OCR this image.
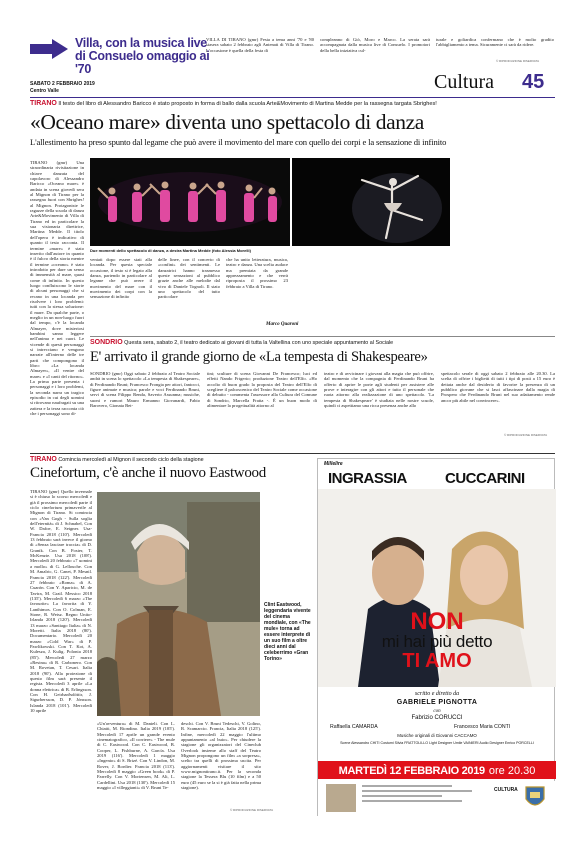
Villa, con la musica live
di Consuelo omaggio ai '70
VILLA DI TIRANO (gmr) Festa a tema anni '70 e '80 stasera sabato 2 febbraio agli Antenati di Villa di Tirano. L'occasione è quella della festa di
compleanno di Giò, Moro e Marco. La serata sarà accompagnata dalla musica live di Consuelo. I promotori della bella iniziativa cul-
turale e goliardica confermano che è molto gradito l'abbigliamento a tema. Sicuramente ci sarà da ridere.
© RIPRODUZIONE RISERVATA
SABATO 2 FEBBRAIO 2019
Centro Valle	Cultura 45
TIRANO Il testo del libro di Alessandro Baricco è stato proposto in forma di ballo dalla scuola Arte&Movimento di Martina Medde per la rassegna targata Sbrighes!
«Oceano mare» diventa uno spettacolo di danza
L'allestimento ha preso spunto dal legame che può avere il movimento del mare con quello dei corpi e la sensazione di infinito
TIRANO (gmr) Una straordinaria rivisitazione in chiave danzata del capolavoro di Alessandro Baricco «Oceano mare» è andata in scena giovedì sera al Mignon di Tirano per la rassegna fuori con Sbrighes! al Mignon. Protagoniste le ragazze della scuola di danza Arte&Movimento di Villa di Tirano ed in particolare la sua visionaria direttrice, Martina Medde. Il titolo dell'opera è indicativo di quanto il testo racconta. Il termine «mare» è stato inserito dall'autore in quanto è il fulcro della storia mentre il termine «oceano» è stato introdotto per dare un senso di immensità al mare, quasi come di infinito. In questo luogo confluiscono le storie di alcuni personaggi che si recano in una locanda per risolvere i loro problemi: tutti con la stessa soluzione: il mare. Da qualche parte, o meglio in un non-luogo fuori dal tempo, c'è la locanda Almayer, dove misteriosi bambini sanno leggere nell'anima e nei cuori. Le vicende di questi personaggi si intrecciano e vengono narrate all'interno delle tre parti che compongono il libro: «La locanda Almayer», «Il ventre del mare» e «I canti del ritorno». La prima parte presenta i personaggi e i loro problemi, la seconda narra un tragico episodio in cui degli uomini si ritrovano naufragati su una zattera e la terza racconta ciò che i personaggi sono di-
Due momenti dello spettacolo di danza, a destra Martina Medde (foto Alessia Morelli)
ventati dopo essere stati alla locanda. Per questa speciale occasione, il testo si è legato alla danza, partendo in particolare al legame che può avere il movimento del mare con il movimento dei corpi con la sensazione di infinito
delle linee, con il concerto di «confini» dei sentimenti. Le danzatrici hanno trasmesso queste sensazioni al pubblico grazie anche alle melodie dal vivo di Daniele Tognoli. Il stato uno spettacolo del tutto particolare
che ha unito letteratura, musica, teatro e danza. Una scelta audace ma premiata da grande apprezzamento e che verrà riproposta il prossimo 23 febbraio a Villa di Tirano.
Marco Quaroni
SONDRIO Questa sera, sabato 2, il teatro dedicato ai giovani di tutta la Valtellina con uno speciale appuntamento al Sociale
E' arrivato il grande giorno de «La tempesta di Shakespeare»
SONDRIO (gmr) Oggi sabato 2 febbraio al Teatro Sociale andrà in scena lo spettacolo «La tempesta di Shakespeare», di Ferdinando Bruni; Francesco Frongia per attori, fantocci, figure animate e musica; parole e voci Ferdinando Bruni, servi di scena Filippo Renda, Saverio Assunma; musiche, suoni e rumori Mauro Ermanno Giovanardi, Fabio Barovero, Gionata Bet-
tini; sculture di scena Giovanni De Francesco; luci ed effetti Nando Frigerio; produzione Teatro dell'Elfo. «Ho accolto di buon grado la proposta del Teatro dell'Elfo di scegliere il palcoscenico del Teatro Sociale come occasione di debutto - commenta l'assessore alla Cultura del Comune di Sondrio, Marcella Fratta -. È un buon modo di alimentare la progettualità attorno al
teatro e di avvicinare i giovani alla magia che può offrire, dal momento che la compagnia di Ferdinando Bruni ha offerto di aprire le porte agli studenti per assistere alle prove e interagire con gli attori e tutto il personale che ruota attorno alla realizzazione di uno spettacolo. 'La tempesta di Shakespeare' è studiata nelle nostre scuole, quindi ci aspettiamo una ricca presenza anche allo
spettacolo serale di oggi sabato 2 febbraio alle 20.30. La scelta di offrire i biglietti di tutti i tipi di posti a 15 euro è dettata anche dal desiderio di favorire la presenza di un pubblico giovane che si lasci affascinare dalla magia di Prospero che Ferdinando Bruni nel suo adattamento rende ancor più abile nel convincere».
© RIPRODUZIONE RISERVATA
TIRANO Comincia mercoledì al Mignon il secondo ciclo della stagione
Cinefortum, c'è anche il nuovo Eastwood
TIRANO (gmr) Quello invernale si è chiuso lo scorso mercoledì e già il prossimo mercoledì parte il ciclo cinefortum primaverile al Mignon di Tirano. Si comincia con «Van Gogh - Sulla soglia dell'eternità» di J. Schnabel, Con W. Dafoe, E. Seigner. Usa-Francia 2018 (110'). Mercoledì 13 febbraio sarà invece il giorno di «Senza lasciare traccia» di D. Granik. Con B. Foster, T. McKenzie. Usa 2018 (108'). Mercoledì 20 febbraio «7 uomini a mollo» di G. Lellouche. Con M. Amalric, G. Canet, P. Mesnil. Francia 2018 (122'). Mercoledì 27 febbraio «Roma» di A. Cuarón. Con Y. Aparicio, M. de Tavira, M. Grail. Messico 2018 (135'). Mercoledì 6 marzo «The favourite» La favorita di Y. Lanthimos. Con O. Colman, E. Stone, R. Weisz. Regno Unito-Irlanda 2018 (120'). Mercoledì 13 marzo «Santiago Italia» di N. Moretti. Italia 2018 (80'). Documentario. Mercoledì 20 marzo «Cold War» di P. Pawlikowski. Con T. Kot, A. Kulesza, J. Kulig. Polonia 2018 (85'). Mercoledì 27 marzo «Resina» di R. Carbonero. Con M. Rovetan, T. Cesari. Italia 2018 (90'). Alla proiezione di questo film sarà presente il regista. Mercoledì 3 aprile «La donna elettrica» di B. Erlingsson. Con H. Geirharðsdóttir, J. Sigurbersson, D. P. Jónsson. Islanda 2018 (101'). Mercoledì 10 aprile
Clint Eastwood, leggendaria vivente del cinema mondiale, con «The mule» torna ad essere interprete di un suo film a oltre dieci anni dal celeberrimo «Gran Torino»
«Un'avventura» di M. Danieli. Con L. Chiatti, M. Riondino. Italia 2019 (105'). Mercoledì 17 aprile un grande evento cinematografico, «Il corriere» - The mule di C. Eastwood. Con C. Eastwood, B. Cooper, L. Fishburne, A. García. Usa 2019 (116'). Mercoledì 1 maggio «Ingenio» di S. Brizé. Con V. Lindon, M. Rover, J. Bordier. Francia 2018 (113'). Mercoledì 8 maggio «Green book» di P. Farrelly. Con V. Mortensen, M. Ali, L. Cardellini. Usa 2018 (130'). Mercoledì 15 maggio «I villeggianti» di V. Bruni Te-
deschi. Con V. Bruni Tedeschi, V. Golino, R. Scamarcio. Francia, Italia 2018 (125'). Infine, mercoledì 22 maggio l'ultimo appuntamento «al buio». Per chiudere la stagione gli organizzatori del Cineclub Overlook insieme allo staff del Teatro Mignon propongono un film «a sorpresa», scelto tra quelli di prossima uscita. Per aggiornamenti visitare il sito www.mignontirano.it. Per la seconda stagione la Tessera Blu (10 film) e a 50 euro (45 euro se la si è già fatta nella prima stagione).
© RIPRODUZIONE RISERVATA
Millelire
INGRASSIA	CUCCARINI
NON
mi hai più detto
TI AMO
scritto e diretto da
GABRIELE PIGNOTTA
con
Fabrizio CORUCCI
Raffaella CAMARDA	Francesco Maria CONTI
Musiche originali di Giovanni CACCAMO
Scene Alessandro CHITI Costumi Silvia FRATTOLILLO Light Designer Umile VAINIERI Audio Designer Enrico PORCELLI
MARTEDÌ 12 FEBBRAIO 2019 ore 20.30
CULTURA
